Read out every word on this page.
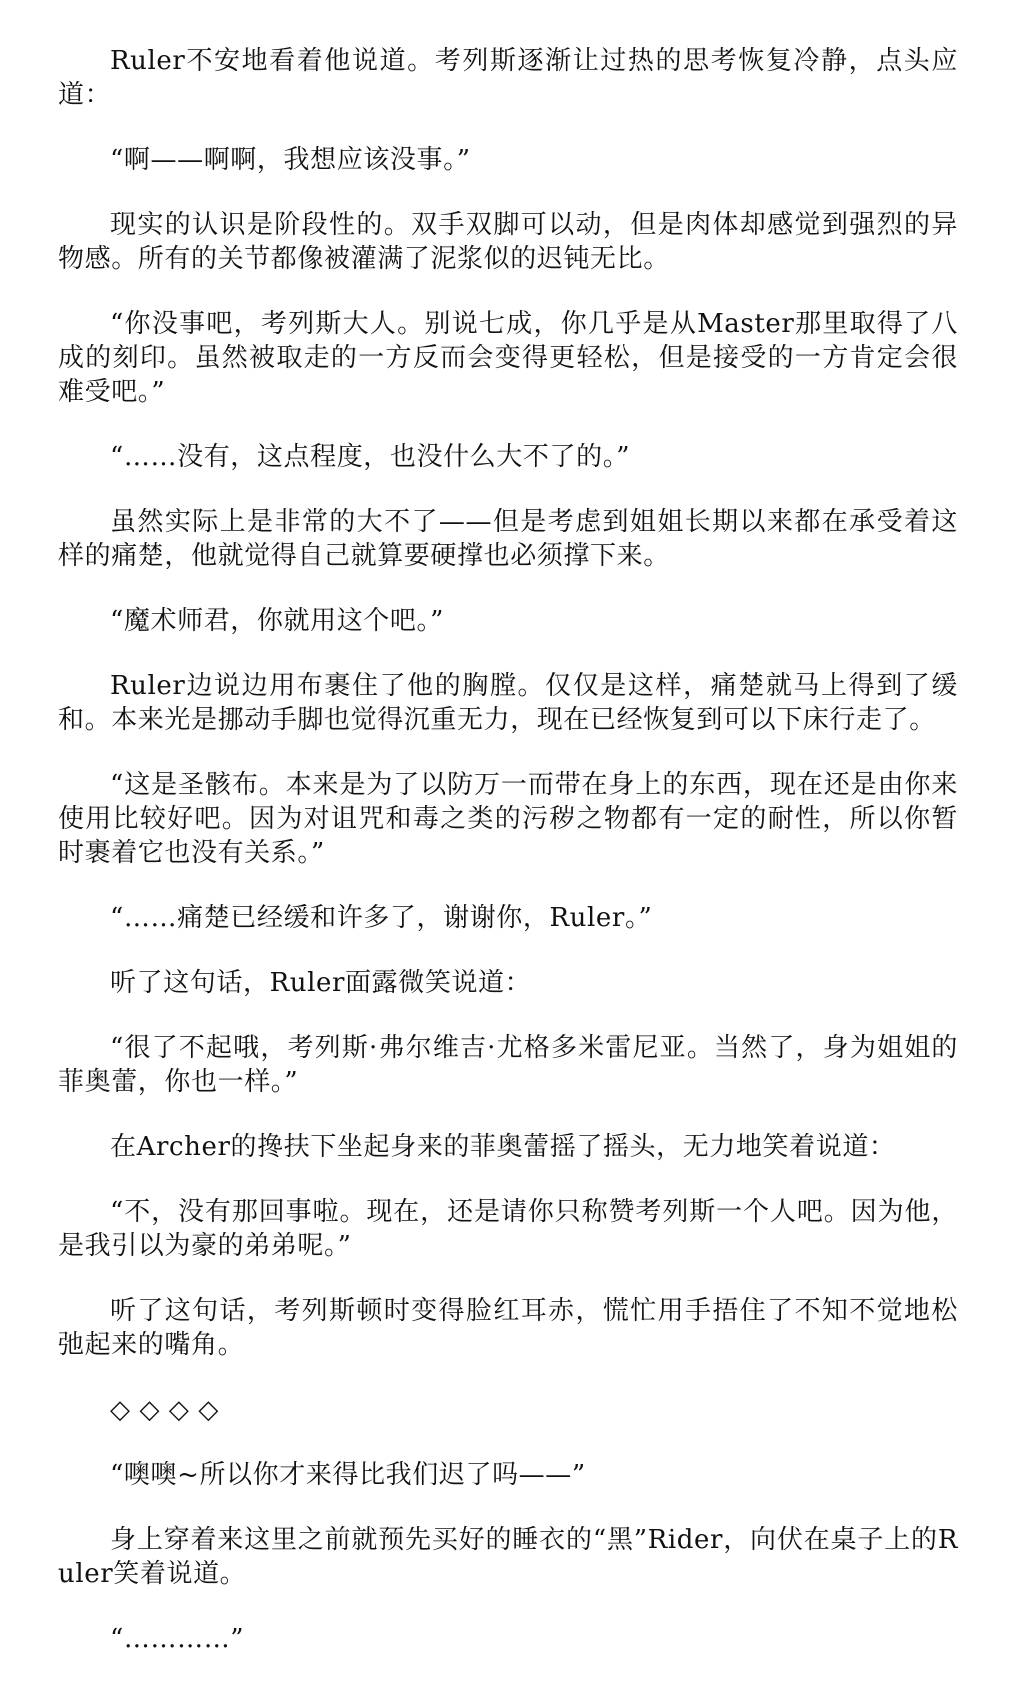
Ruler不安地看着他说道。考列斯逐渐让过热的思考恢复冷静，点头应道：

“啊——啊啊，我想应该没事。”

现实的认识是阶段性的。双手双脚可以动，但是肉体却感觉到强烈的异物感。所有的关节都像被灌满了泥浆似的迟钝无比。

“你没事吧，考列斯大人。别说七成，你几乎是从Master那里取得了八成的刻印。虽然被取走的一方反而会变得更轻松，但是接受的一方肯定会很难受吧。”

“……没有，这点程度，也没什么大不了的。”

虽然实际上是非常的大不了——但是考虑到姐姐长期以来都在承受着这样的痛楚，他就觉得自己就算要硬撑也必须撑下来。

“魔术师君，你就用这个吧。”

Ruler边说边用布裹住了他的胸膛。仅仅是这样，痛楚就马上得到了缓和。本来光是挪动手脚也觉得沉重无力，现在已经恢复到可以下床行走了。

“这是圣骸布。本来是为了以防万一而带在身上的东西，现在还是由你来使用比较好吧。因为对诅咒和毒之类的污秽之物都有一定的耐性，所以你暂时裹着它也没有关系。”

“……痛楚已经缓和许多了，谢谢你，Ruler。”

听了这句话，Ruler面露微笑说道：

“很了不起哦，考列斯·弗尔维吉·尤格多米雷尼亚。当然了，身为姐姐的菲奥蕾，你也一样。”

在Archer的搀扶下坐起身来的菲奥蕾摇了摇头，无力地笑着说道：

“不，没有那回事啦。现在，还是请你只称赞考列斯一个人吧。因为他，是我引以为豪的弟弟呢。”

听了这句话，考列斯顿时变得脸红耳赤，慌忙用手捂住了不知不觉地松弛起来的嘴角。

◇ ◇ ◇ ◇

“噢噢~所以你才来得比我们迟了吗——”

身上穿着来这里之前就预先买好的睡衣的“黑”Rider，向伏在桌子上的Ruler笑着说道。

“…………”
